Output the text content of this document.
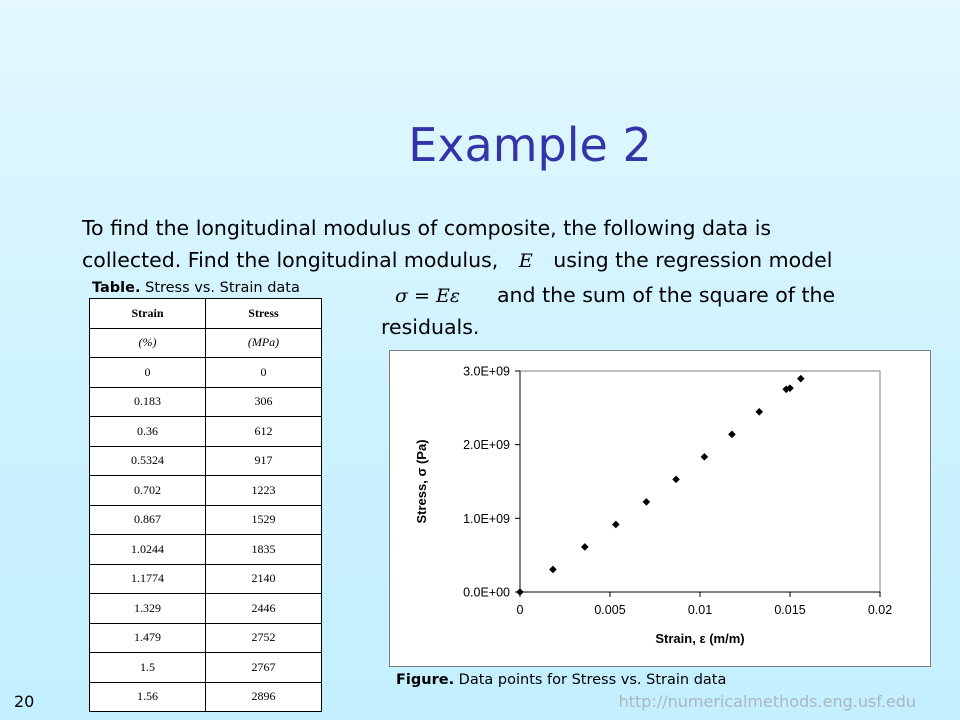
Example 2
To find the longitudinal modulus of composite, the following data is
collected. Find the longitudinal modulus, E using the regression model
σ = Eε and the sum of the square of the
residuals.
Table. Stress vs. Strain data
Strain	Stress
(%)	(MPa)
0	0
0.183	306
0.36	612
0.5324	917
0.702	1223
0.867	1529
1.0244	1835
1.1774	2140
1.329	2446
1.479	2752
1.5	2767
1.56	2896
0.0E+00
1.0E+09
2.0E+09
3.0E+09
0	0.005	0.01	0.015	0.02
Strain, ε (m/m)
Stress, σ (Pa)
Figure. Data points for Stress vs. Strain data
20	http://numericalmethods.eng.usf.edu
